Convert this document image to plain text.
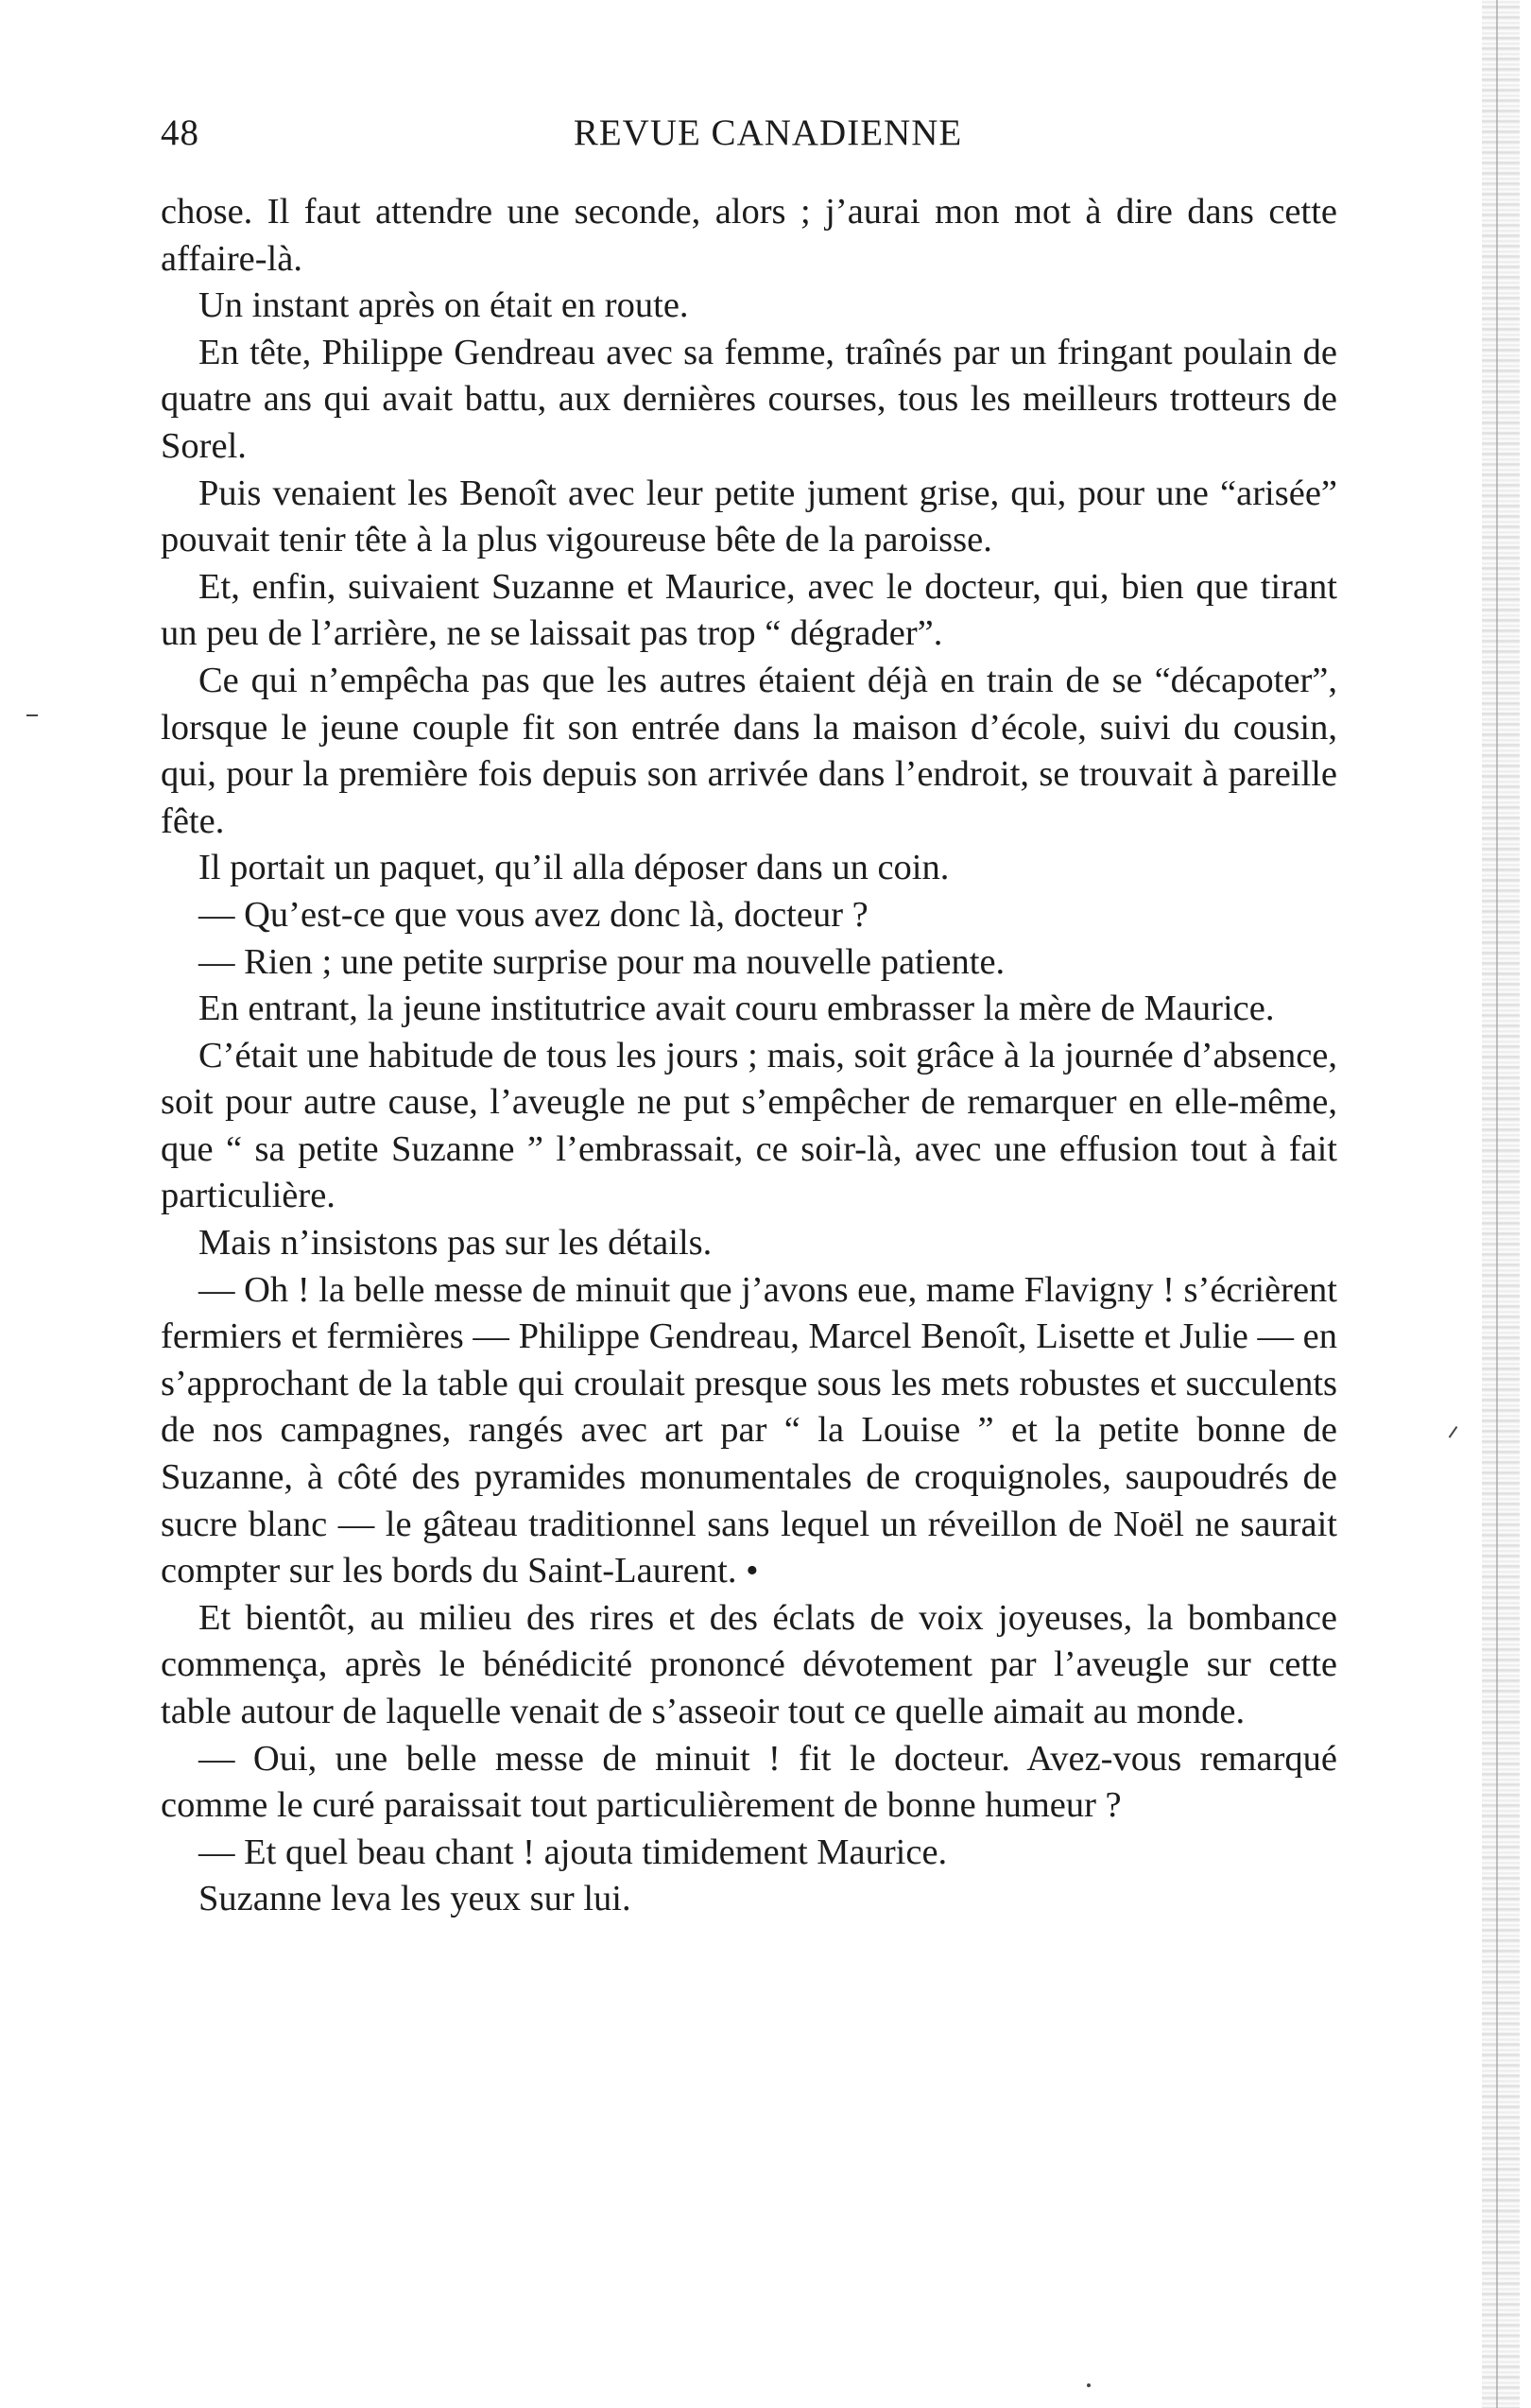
48	REVUE CANADIENNE

chose. Il faut attendre une seconde, alors ; j’aurai mon mot à dire dans cette affaire-là.

Un instant après on était en route.

En tête, Philippe Gendreau avec sa femme, traînés par un fringant poulain de quatre ans qui avait battu, aux dernières courses, tous les meilleurs trotteurs de Sorel.

Puis venaient les Benoît avec leur petite jument grise, qui, pour une “arisée” pouvait tenir tête à la plus vigoureuse bête de la paroisse.

Et, enfin, suivaient Suzanne et Maurice, avec le docteur, qui, bien que tirant un peu de l’arrière, ne se laissait pas trop “ dégrader”.

Ce qui n’empêcha pas que les autres étaient déjà en train de se “décapoter”, lorsque le jeune couple fit son entrée dans la maison d’école, suivi du cousin, qui, pour la première fois depuis son arrivée dans l’endroit, se trouvait à pareille fête.

Il portait un paquet, qu’il alla déposer dans un coin.

— Qu’est-ce que vous avez donc là, docteur ?

— Rien ; une petite surprise pour ma nouvelle patiente.

En entrant, la jeune institutrice avait couru embrasser la mère de Maurice.

C’était une habitude de tous les jours ; mais, soit grâce à la journée d’absence, soit pour autre cause, l’aveugle ne put s’empêcher de remarquer en elle-même, que “ sa petite Suzanne ” l’embrassait, ce soir-là, avec une effusion tout à fait particulière.

Mais n’insistons pas sur les détails.

— Oh ! la belle messe de minuit que j’avons eue, mame Flavigny ! s’écrièrent fermiers et fermières — Philippe Gendreau, Marcel Benoît, Lisette et Julie — en s’approchant de la table qui croulait presque sous les mets robustes et succulents de nos campagnes, rangés avec art par “ la Louise ” et la petite bonne de Suzanne, à côté des pyramides monumentales de croquignoles, saupoudrés de sucre blanc — le gâteau traditionnel sans lequel un réveillon de Noël ne saurait compter sur les bords du Saint-Laurent. •

Et bientôt, au milieu des rires et des éclats de voix joyeuses, la bombance commença, après le bénédicité prononcé dévotement par l’aveugle sur cette table autour de laquelle venait de s’asseoir tout ce quelle aimait au monde.

— Oui, une belle messe de minuit ! fit le docteur. Avez-vous remarqué comme le curé paraissait tout particulièrement de bonne humeur ?

— Et quel beau chant ! ajouta timidement Maurice.

Suzanne leva les yeux sur lui.
